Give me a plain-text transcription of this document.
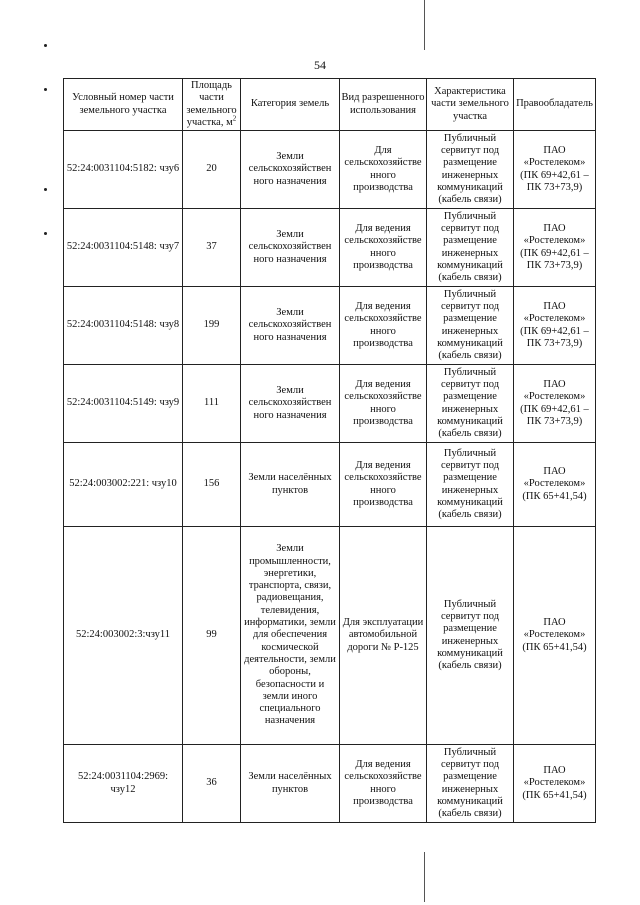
54
Условный номер части земельного участка	Площадь части земельного участка, $м^2$	Категория земель	Вид разрешенного использования	Характеристика части земельного участка	Правообладатель
52:24:0031104:5182: чзу6	20	Земли сельскохозяйствен ного назначения	Для сельскохозяйстве нного производства	Публичный сервитут под размещение инженерных коммуникаций (кабель связи)	ПАО «Ростелеком» (ПК 69+42,61 – ПК 73+73,9)
52:24:0031104:5148: чзу7	37	Земли сельскохозяйствен ного назначения	Для ведения сельскохозяйстве нного производства	Публичный сервитут под размещение инженерных коммуникаций (кабель связи)	ПАО «Ростелеком» (ПК 69+42,61 – ПК 73+73,9)
52:24:0031104:5148: чзу8	199	Земли сельскохозяйствен ного назначения	Для ведения сельскохозяйстве нного производства	Публичный сервитут под размещение инженерных коммуникаций (кабель связи)	ПАО «Ростелеком» (ПК 69+42,61 – ПК 73+73,9)
52:24:0031104:5149: чзу9	111	Земли сельскохозяйствен ного назначения	Для ведения сельскохозяйстве нного производства	Публичный сервитут под размещение инженерных коммуникаций (кабель связи)	ПАО «Ростелеком» (ПК 69+42,61 – ПК 73+73,9)
52:24:003002:221: чзу10	156	Земли населённых пунктов	Для ведения сельскохозяйстве нного производства	Публичный сервитут под размещение инженерных коммуникаций (кабель связи)	ПАО «Ростелеком» (ПК 65+41,54)
52:24:003002:3:чзу11	99	Земли промышленности, энергетики, транспорта, связи, радиовещания, телевидения, информатики, земли для обеспечения космической деятельности, земли обороны, безопасности и земли иного специального назначения	Для эксплуатации автомобильной дороги № Р-125	Публичный сервитут под размещение инженерных коммуникаций (кабель связи)	ПАО «Ростелеком» (ПК 65+41,54)
52:24:0031104:2969: чзу12	36	Земли населённых пунктов	Для ведения сельскохозяйстве нного производства	Публичный сервитут под размещение инженерных коммуникаций (кабель связи)	ПАО «Ростелеком» (ПК 65+41,54)
